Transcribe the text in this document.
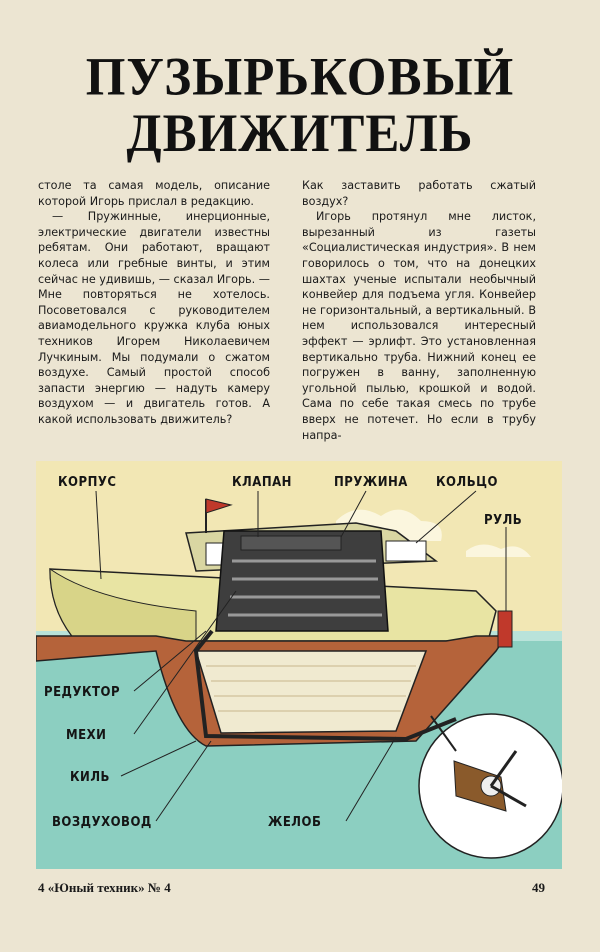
ПУЗЫРЬКОВЫЙ
ДВИЖИТЕЛЬ

столе та самая модель, описание которой Игорь прислал в редакцию.

— Пружинные, инерционные, электрические двигатели известны ребятам. Они работают, вращают колеса или гребные винты, и этим сейчас не удивишь, — сказал Игорь. — Мне повторяться не хотелось. Посоветовался с руководителем авиамодельного кружка клуба юных техников Игорем Николаевичем Лучкиным. Мы подумали о сжатом воздухе. Самый простой способ запасти энергию — надуть камеру воздухом — и двигатель готов. А какой использовать движитель?

Как заставить работать сжатый воздух?

Игорь протянул мне листок, вырезанный из газеты «Социалистическая индустрия». В нем говорилось о том, что на донецких шахтах ученые испытали необычный конвейер для подъема угля. Конвейер не горизонтальный, а вертикальный. В нем использовался интересный эффект — эрлифт. Это установленная вертикально труба. Нижний конец ее погружен в ванну, заполненную угольной пылью, крошкой и водой. Сама по себе такая смесь по трубе вверх не потечет. Но если в трубу напра-

КОРПУС	КЛАПАН	ПРУЖИНА КОЛЬЦО
РУЛЬ
РЕДУКТОР
МЕХИ
КИЛЬ
ВОЗДУХОВОД	ЖЕЛОБ
4 «Юный техник» № 4	49
